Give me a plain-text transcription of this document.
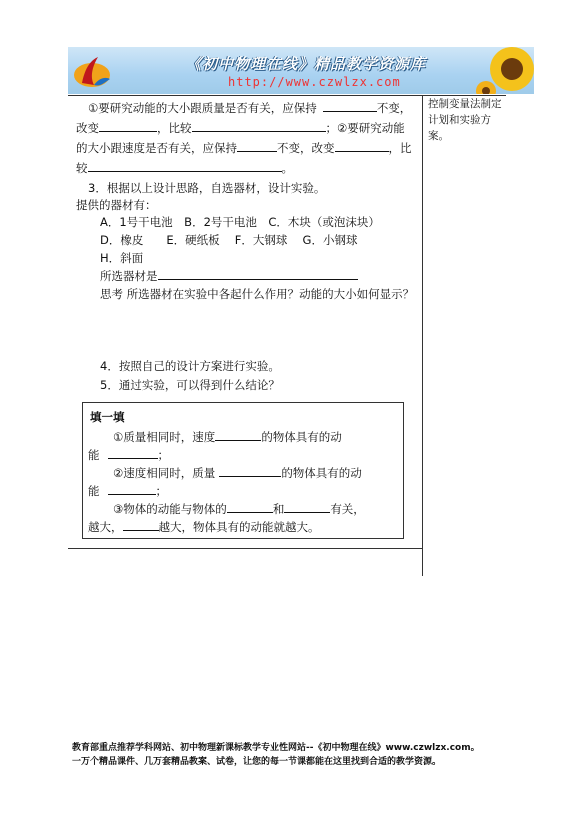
《初中物理在线》精品教学资源库
http://www.czwlzx.com
控制变量法制定计划和实验方案。
①要研究动能的大小跟质量是否有关，应保持	不变，
改变	，比较	；②要研究动能
的大小跟速度是否有关，应保持	不变，改变	，比
较	。
3．根据以上设计思路，自选器材，设计实验。
提供的器材有：
A．1号干电池　B．2号干电池　C．木块（或泡沫块）
D．橡皮　　E．硬纸板　 F．大钢球　 G．小钢球
H．斜面
所选器材是
思考 所选器材在实验中各起什么作用？动能的大小如何显示？
4．按照自己的设计方案进行实验。
5．通过实验，可以得到什么结论？
填一填
①质量相同时，速度	的物体具有的动
能	；
②速度相同时，质量	的物体具有的动
能	；
③物体的动能与物体的	和	有关，
越大，	越大，物体具有的动能就越大。
教育部重点推荐学科网站、初中物理新课标教学专业性网站--《初中物理在线》www.czwlzx.com。
一万个精品课件、几万套精品教案、试卷，让您的每一节课都能在这里找到合适的教学资源。
